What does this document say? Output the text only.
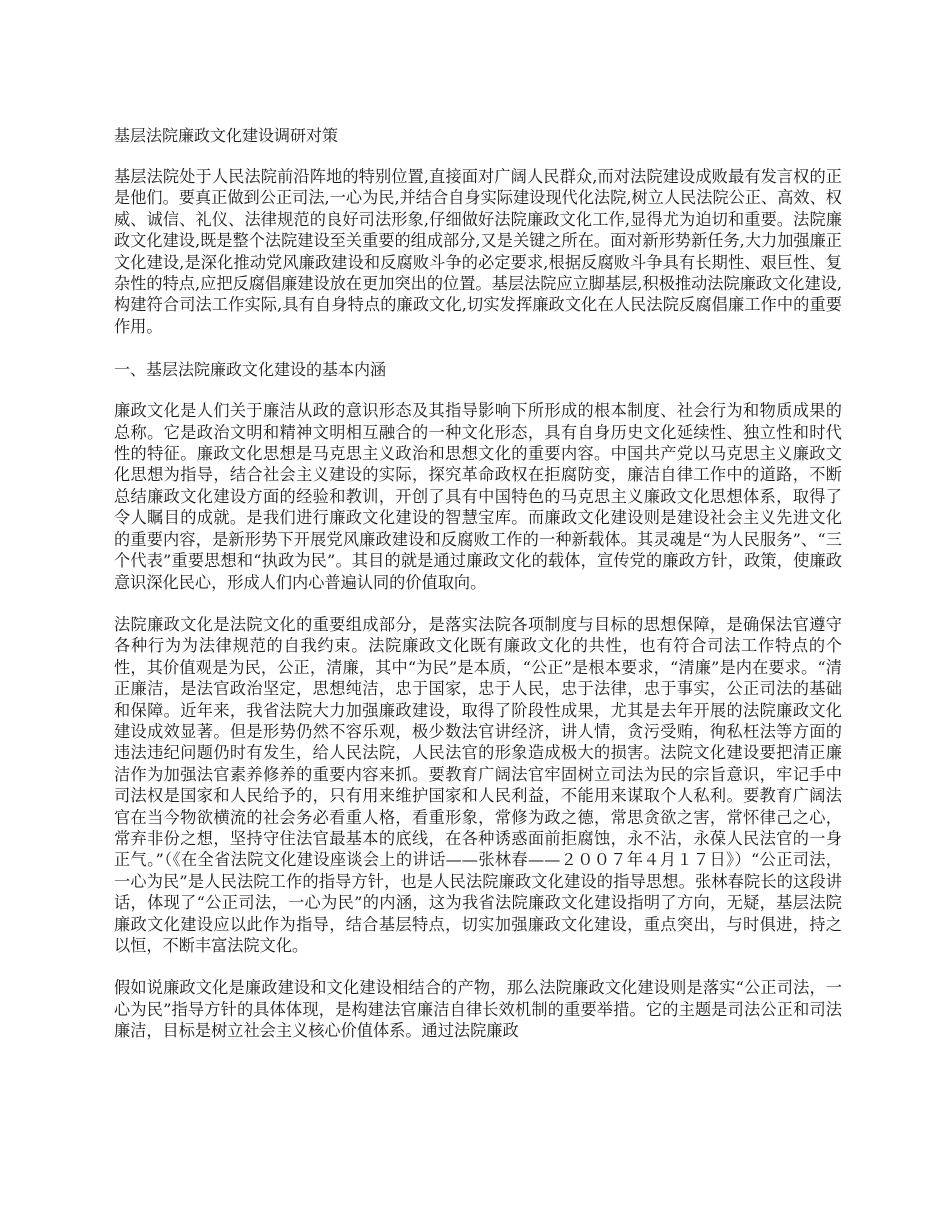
基层法院廉政文化建设调研对策

基层法院处于人民法院前沿阵地的特别位置,直接面对广阔人民群众,而对法院建设成败最有发言权的正是他们。要真正做到公正司法,一心为民,并结合自身实际建设现代化法院,树立人民法院公正、高效、权威、诚信、礼仪、法律规范的良好司法形象,仔细做好法院廉政文化工作,显得尤为迫切和重要。法院廉政文化建设,既是整个法院建设至关重要的组成部分,又是关键之所在。面对新形势新任务,大力加强廉正文化建设,是深化推动党风廉政建设和反腐败斗争的必定要求,根据反腐败斗争具有长期性、艰巨性、复杂性的特点,应把反腐倡廉建设放在更加突出的位置。基层法院应立脚基层,积极推动法院廉政文化建设,构建符合司法工作实际,具有自身特点的廉政文化,切实发挥廉政文化在人民法院反腐倡廉工作中的重要作用。

一、基层法院廉政文化建设的基本内涵

廉政文化是人们关于廉洁从政的意识形态及其指导影响下所形成的根本制度、社会行为和物质成果的总称。它是政治文明和精神文明相互融合的一种文化形态，具有自身历史文化延续性、独立性和时代性的特征。廉政文化思想是马克思主义政治和思想文化的重要内容。中国共产党以马克思主义廉政文化思想为指导，结合社会主义建设的实际，探究革命政权在拒腐防变，廉洁自律工作中的道路，不断总结廉政文化建设方面的经验和教训，开创了具有中国特色的马克思主义廉政文化思想体系，取得了令人瞩目的成就。是我们进行廉政文化建设的智慧宝库。而廉政文化建设则是建设社会主义先进文化的重要内容，是新形势下开展党风廉政建设和反腐败工作的一种新载体。其灵魂是“为人民服务”、“三个代表”重要思想和“执政为民”。其目的就是通过廉政文化的载体，宣传党的廉政方针，政策，使廉政意识深化民心，形成人们内心普遍认同的价值取向。

法院廉政文化是法院文化的重要组成部分，是落实法院各项制度与目标的思想保障，是确保法官遵守各种行为为法律规范的自我约束。法院廉政文化既有廉政文化的共性，也有符合司法工作特点的个性，其价值观是为民，公正，清廉，其中“为民”是本质，“公正”是根本要求，“清廉”是内在要求。“清正廉洁，是法官政治坚定，思想纯洁，忠于国家，忠于人民，忠于法律，忠于事实，公正司法的基础和保障。近年来，我省法院大力加强廉政建设，取得了阶段性成果，尤其是去年开展的法院廉政文化建设成效显著。但是形势仍然不容乐观，极少数法官讲经济，讲人情，贪污受贿，徇私枉法等方面的违法违纪问题仍时有发生，给人民法院，人民法官的形象造成极大的损害。法院文化建设要把清正廉洁作为加强法官素养修养的重要内容来抓。要教育广阔法官牢固树立司法为民的宗旨意识，牢记手中司法权是国家和人民给予的，只有用来维护国家和人民利益，不能用来谋取个人私利。要教育广阔法官在当今物欲横流的社会务必看重人格，看重形象，常修为政之德，常思贪欲之害，常怀律己之心，常弃非份之想，坚持守住法官最基本的底线，在各种诱惑面前拒腐蚀，永不沾，永葆人民法官的一身正气。”（《在全省法院文化建设座谈会上的讲话——张林春——２００７年４月１７日》）“公正司法，一心为民”是人民法院工作的指导方针，也是人民法院廉政文化建设的指导思想。张林春院长的这段讲话，体现了“公正司法，一心为民”的内涵，这为我省法院廉政文化建设指明了方向，无疑，基层法院廉政文化建设应以此作为指导，结合基层特点，切实加强廉政文化建设，重点突出，与时俱进，持之以恒，不断丰富法院文化。

假如说廉政文化是廉政建设和文化建设相结合的产物，那么法院廉政文化建设则是落实“公正司法，一心为民”指导方针的具体体现，是构建法官廉洁自律长效机制的重要举措。它的主题是司法公正和司法廉洁，目标是树立社会主义核心价值体系。通过法院廉政
